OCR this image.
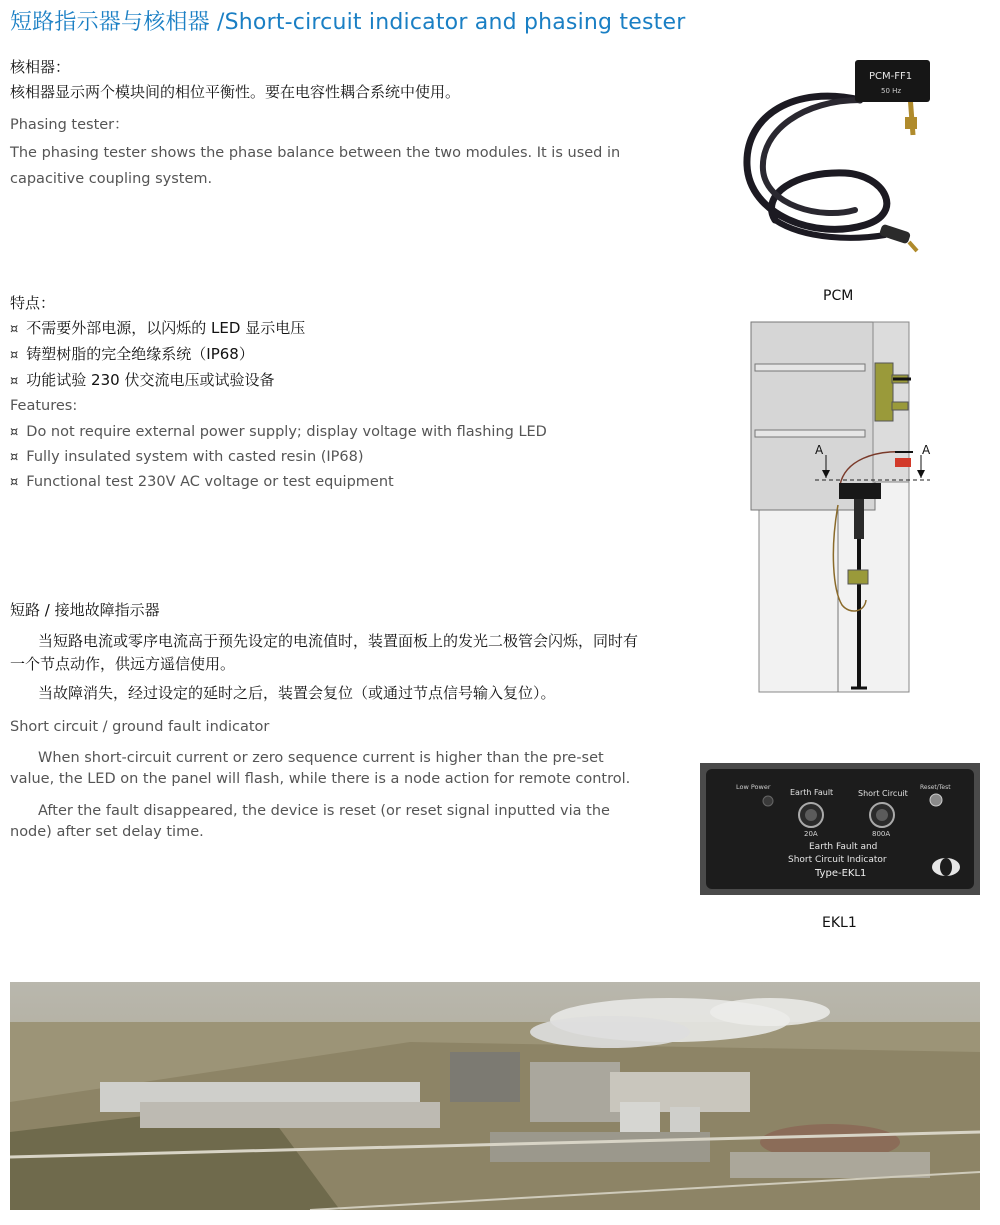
短路指示器与核相器 /Short-circuit indicator and phasing tester
核相器：
核相器显示两个模块间的相位平衡性。要在电容性耦合系统中使用。
Phasing tester：
The phasing tester shows the phase balance between the two modules. It is used in capacitive coupling system.
特点：
¤ 不需要外部电源，以闪烁的 LED 显示电压
¤ 铸塑树脂的完全绝缘系统（IP68）
¤ 功能试验 230 伏交流电压或试验设备
Features:
¤ Do not require external power supply; display voltage with flashing LED
¤ Fully insulated system with casted resin (IP68)
¤ Functional test 230V AC voltage or test equipment
短路 / 接地故障指示器
当短路电流或零序电流高于预先设定的电流值时，装置面板上的发光二极管会闪烁，同时有一个节点动作，供远方遥信使用。
当故障消失，经过设定的延时之后，装置会复位（或通过节点信号输入复位）。
Short circuit / ground fault indicator
When short-circuit current or zero sequence current is higher than the pre-set value, the LED on the panel will flash, while there is a node action for remote control.
After the fault disappeared, the device is reset (or reset signal inputted via the node) after set delay time.
PCM-FF1
50 Hz
PCM
A	A
Low Power
Earth Fault
20A
Short Circuit
800A
Reset/Test
Earth Fault and
Short Circuit Indicator
Type-EKL1
EKL1
